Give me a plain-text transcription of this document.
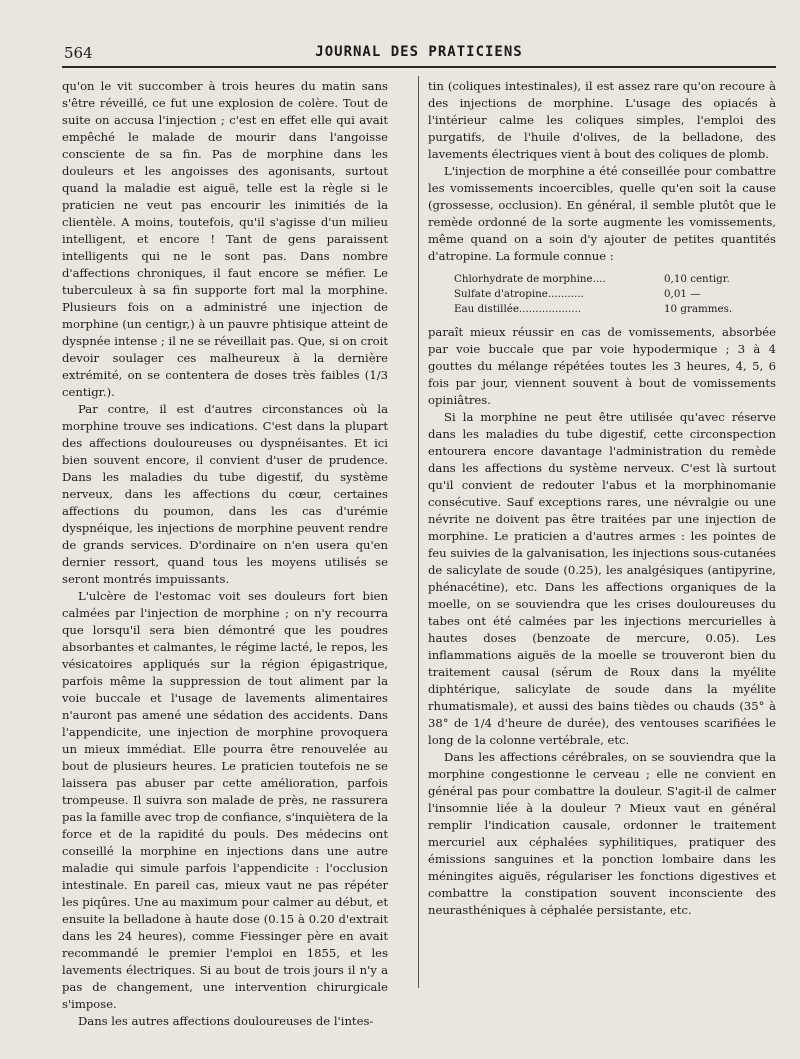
564	JOURNAL DES PRATICIENS

qu'on le vit succomber à trois heures du matin sans s'être réveillé, ce fut une explosion de colère. Tout de suite on accusa l'injection ; c'est en effet elle qui avait empêché le malade de mourir dans l'angoisse consciente de sa fin. Pas de morphine dans les douleurs et les angoisses des agonisants, surtout quand la maladie est aiguë, telle est la règle si le praticien ne veut pas encourir les inimitiés de la clientèle. A moins, toutefois, qu'il s'agisse d'un milieu intelligent, et encore ! Tant de gens paraissent intelligents qui ne le sont pas. Dans nombre d'affections chroniques, il faut encore se méfier. Le tuberculeux à sa fin supporte fort mal la morphine. Plusieurs fois on a administré une injection de morphine (un centigr,) à un pauvre phtisique atteint de dyspnée intense ; il ne se réveillait pas. Que, si on croit devoir soulager ces malheureux à la dernière extrémité, on se contentera de doses très faibles (1/3 centigr.).

Par contre, il est d'autres circonstances où la morphine trouve ses indications. C'est dans la plupart des affections douloureuses ou dyspnéisantes. Et ici bien souvent encore, il convient d'user de prudence. Dans les maladies du tube digestif, du système nerveux, dans les affections du cœur, certaines affections du poumon, dans les cas d'urémie dyspnéique, les injections de morphine peuvent rendre de grands services. D'ordinaire on n'en usera qu'en dernier ressort, quand tous les moyens utilisés se seront montrés impuissants.

L'ulcère de l'estomac voit ses douleurs fort bien calmées par l'injection de morphine ; on n'y recourra que lorsqu'il sera bien démontré que les poudres absorbantes et calmantes, le régime lacté, le repos, les vésicatoires appliqués sur la région épigastrique, parfois même la suppression de tout aliment par la voie buccale et l'usage de lavements alimentaires n'auront pas amené une sédation des accidents. Dans l'appendicite, une injection de morphine provoquera un mieux immédiat. Elle pourra être renouvelée au bout de plusieurs heures. Le praticien toutefois ne se laissera pas abuser par cette amélioration, parfois trompeuse. Il suivra son malade de près, ne rassurera pas la famille avec trop de confiance, s'inquiètera de la force et de la rapidité du pouls. Des médecins ont conseillé la morphine en injections dans une autre maladie qui simule parfois l'appendicite : l'occlusion intestinale. En pareil cas, mieux vaut ne pas répéter les piqûres. Une au maximum pour calmer au début, et ensuite la belladone à haute dose (0.15 à 0.20 d'extrait dans les 24 heures), comme Fiessinger père en avait recommandé le premier l'emploi en 1855, et les lavements électriques. Si au bout de trois jours il n'y a pas de changement, une intervention chirurgicale s'impose.

Dans les autres affections douloureuses de l'intes-

tin (coliques intestinales), il est assez rare qu'on recoure à des injections de morphine. L'usage des opiacés à l'intérieur calme les coliques simples, l'emploi des purgatifs, de l'huile d'olives, de la belladone, des lavements électriques vient à bout des coliques de plomb.

L'injection de morphine a été conseillée pour combattre les vomissements incoercibles, quelle qu'en soit la cause (grossesse, occlusion). En général, il semble plutôt que le remède ordonné de la sorte augmente les vomissements, même quand on a soin d'y ajouter de petites quantités d'atropine. La formule connue :

Chlorhydrate de morphine....	0,10 centigr.
Sulfate d'atropine...........	0,01 —
Eau distillée...................	10 grammes.

paraît mieux réussir en cas de vomissements, absorbée par voie buccale que par voie hypodermique ; 3 à 4 gouttes du mélange répétées toutes les 3 heures, 4, 5, 6 fois par jour, viennent souvent à bout de vomissements opiniâtres.

Si la morphine ne peut être utilisée qu'avec réserve dans les maladies du tube digestif, cette circonspection entourera encore davantage l'administration du remède dans les affections du système nerveux. C'est là surtout qu'il convient de redouter l'abus et la morphinomanie consécutive. Sauf exceptions rares, une névralgie ou une névrite ne doivent pas être traitées par une injection de morphine. Le praticien a d'autres armes : les pointes de feu suivies de la galvanisation, les injections sous-cutanées de salicylate de soude (0.25), les analgésiques (antipyrine, phénacétine), etc. Dans les affections organiques de la moelle, on se souviendra que les crises douloureuses du tabes ont été calmées par les injections mercurielles à hautes doses (benzoate de mercure, 0.05). Les inflammations aiguës de la moelle se trouveront bien du traitement causal (sérum de Roux dans la myélite diphtérique, salicylate de soude dans la myélite rhumatismale), et aussi des bains tièdes ou chauds (35° à 38° de 1/4 d'heure de durée), des ventouses scarifiées le long de la colonne vertébrale, etc.

Dans les affections cérébrales, on se souviendra que la morphine congestionne le cerveau ; elle ne convient en général pas pour combattre la douleur. S'agit-il de calmer l'insomnie liée à la douleur ? Mieux vaut en général remplir l'indication causale, ordonner le traitement mercuriel aux céphalées syphilitiques, pratiquer des émissions sanguines et la ponction lombaire dans les méningites aiguës, régulariser les fonctions digestives et combattre la constipation souvent inconsciente des neurasthéniques à céphalée persistante, etc.
